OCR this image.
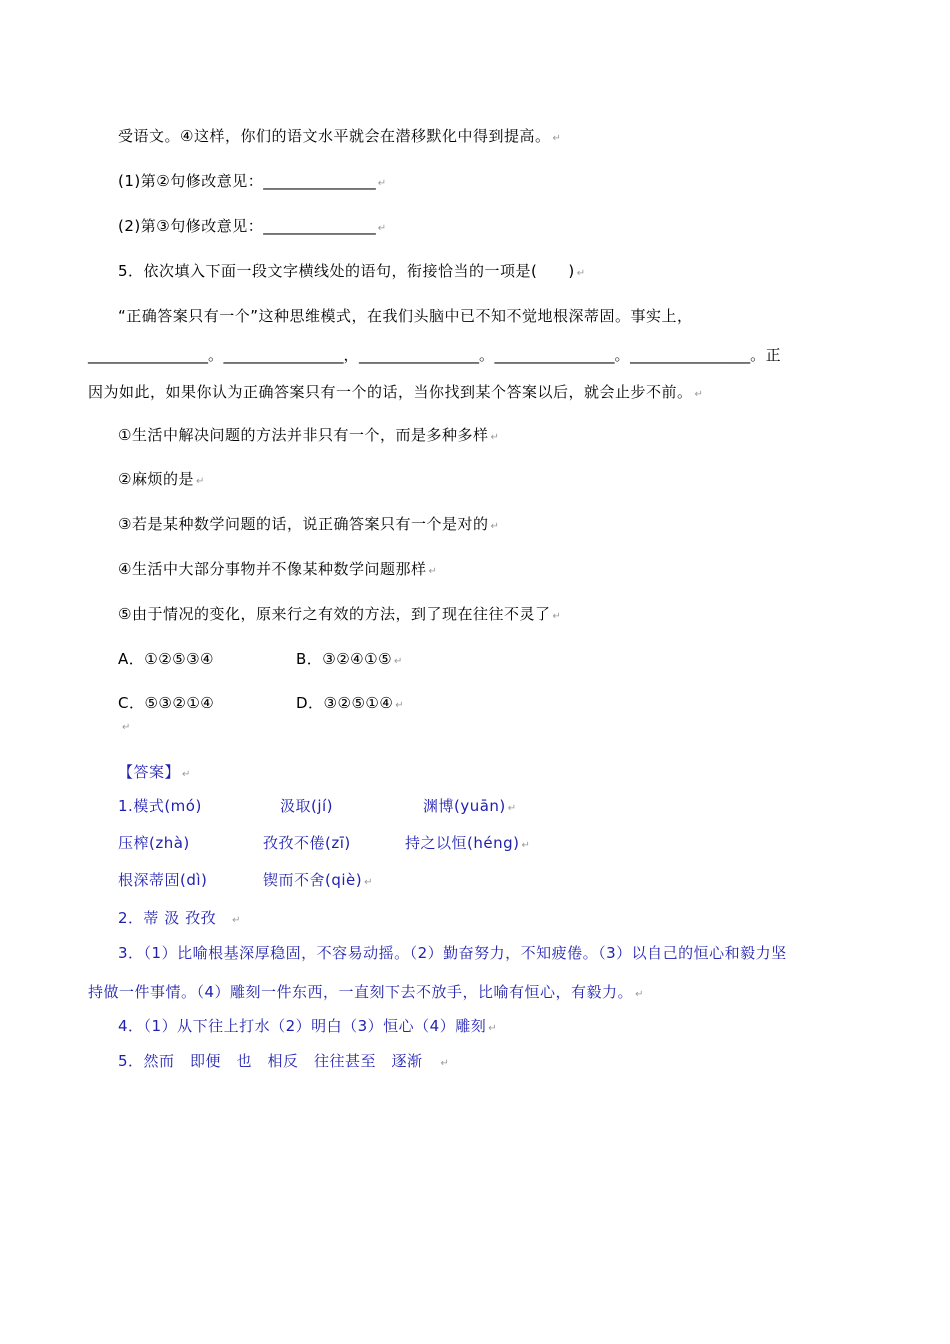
受语文。④这样，你们的语文水平就会在潜移默化中得到提高。 ↵
(1)第②句修改意见：_______________ ↵
(2)第③句修改意见：_______________ ↵
5．依次填入下面一段文字横线处的语句，衔接恰当的一项是(　　) ↵
“正确答案只有一个”这种思维模式，在我们头脑中已不知不觉地根深蒂固。事实上，
________________。________________，________________。________________。________________。正
因为如此，如果你认为正确答案只有一个的话，当你找到某个答案以后，就会止步不前。 ↵
①生活中解决问题的方法并非只有一个，而是多种多样 ↵
②麻烦的是 ↵
③若是某种数学问题的话，说正确答案只有一个是对的 ↵
④生活中大部分事物并不像某种数学问题那样 ↵
⑤由于情况的变化，原来行之有效的方法，到了现在往往不灵了 ↵
A．①②⑤③④	B．③②④①⑤ ↵
C．⑤③②①④	D．③②⑤①④ ↵
↵
【答案】 ↵
1.模式(mó)	汲取(jí)	渊博(yuān) ↵
压榨(zhà)	孜孜不倦(zī)	持之以恒(héng) ↵
根深蒂固(dì)	锲而不舍(qiè) ↵
2．蒂 汲 孜孜 ↵
3．（1）比喻根基深厚稳固，不容易动摇。（2）勤奋努力，不知疲倦。（3）以自己的恒心和毅力坚
持做一件事情。（4）雕刻一件东西，一直刻下去不放手，比喻有恒心，有毅力。 ↵
4．（1）从下往上打水（2）明白（3）恒心（4）雕刻 ↵
5．然而　即便　也　相反　往往甚至　逐渐 ↵
